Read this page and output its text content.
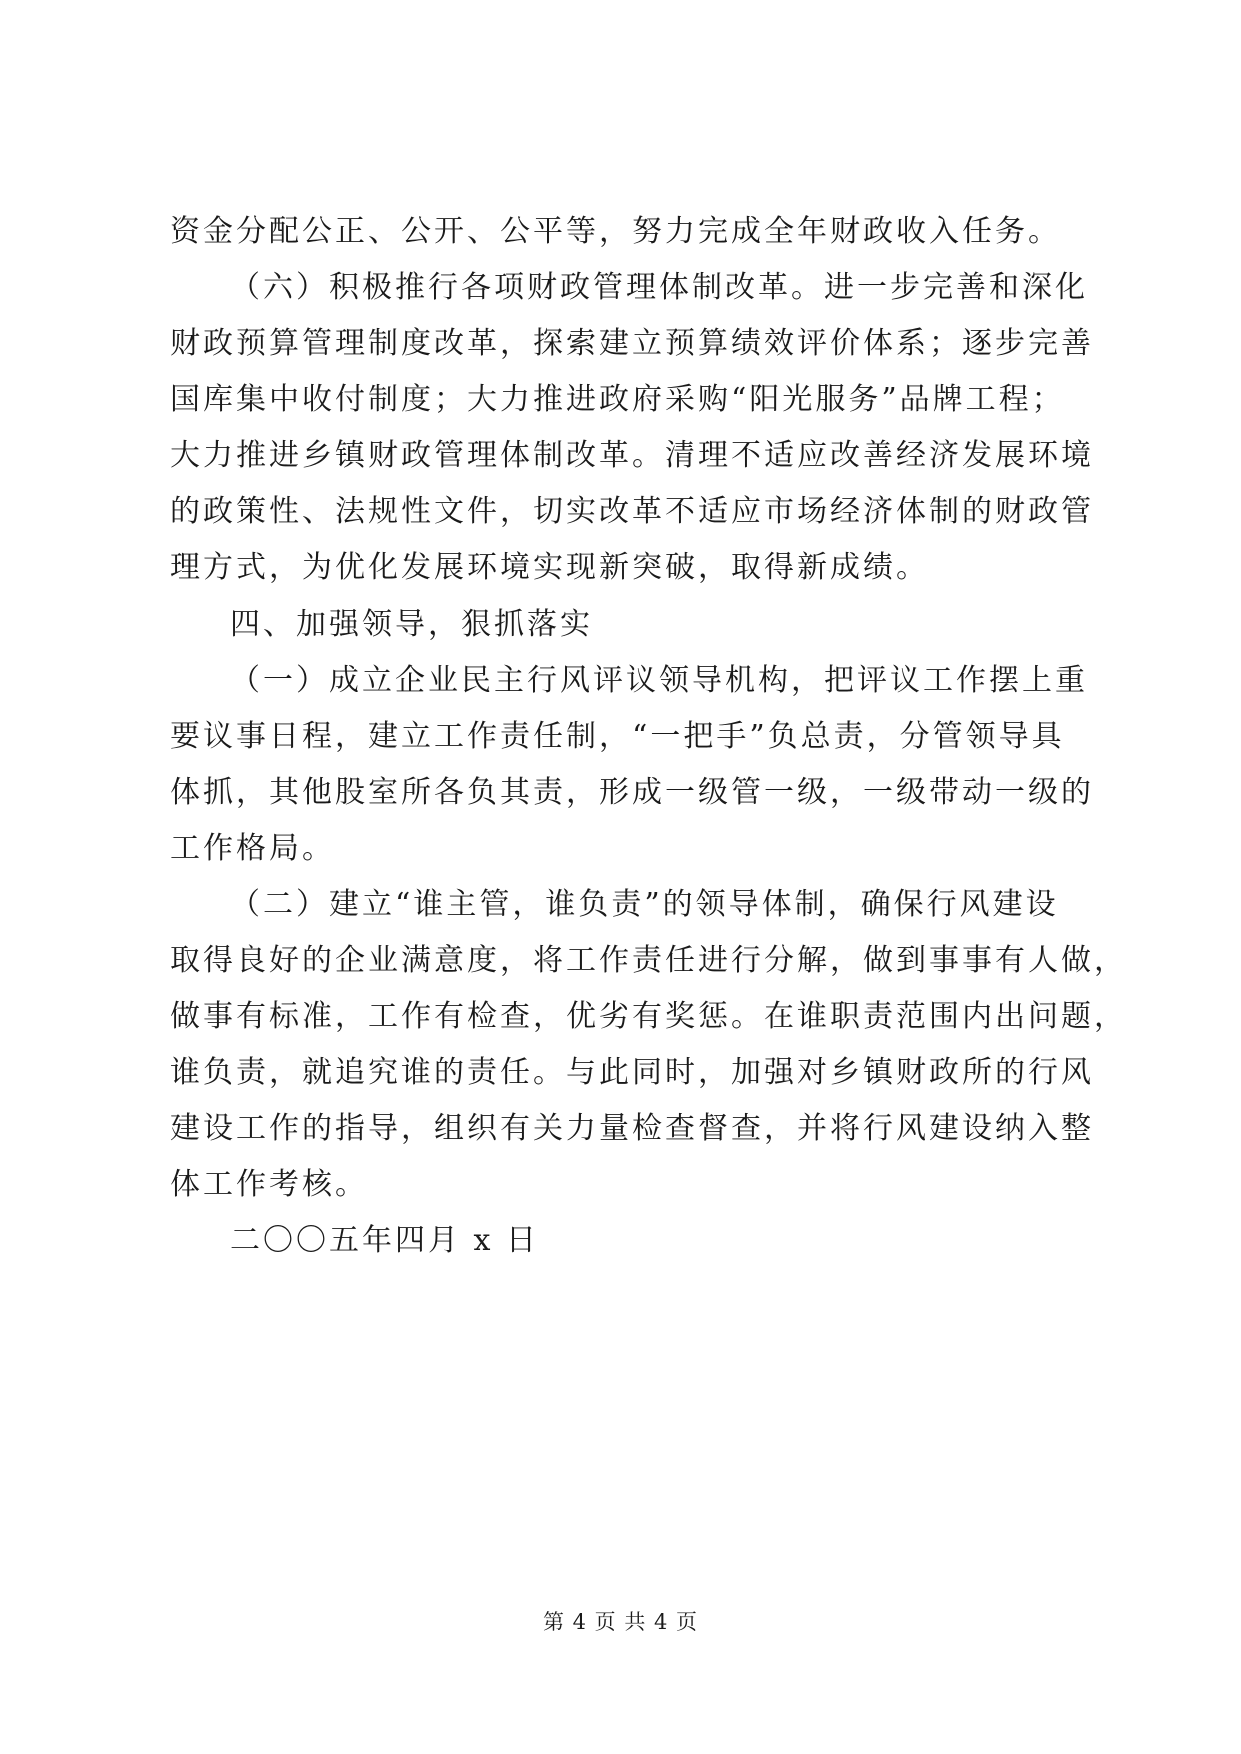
资金分配公正、公开、公平等，努力完成全年财政收入任务。
（六）积极推行各项财政管理体制改革。进一步完善和深化
财政预算管理制度改革，探索建立预算绩效评价体系；逐步完善
国库集中收付制度；大力推进政府采购“阳光服务”品牌工程；
大力推进乡镇财政管理体制改革。清理不适应改善经济发展环境
的政策性、法规性文件，切实改革不适应市场经济体制的财政管
理方式，为优化发展环境实现新突破，取得新成绩。
四、加强领导，狠抓落实
（一）成立企业民主行风评议领导机构，把评议工作摆上重
要议事日程，建立工作责任制，“一把手”负总责，分管领导具
体抓，其他股室所各负其责，形成一级管一级，一级带动一级的
工作格局。
（二）建立“谁主管，谁负责”的领导体制，确保行风建设
取得良好的企业满意度，将工作责任进行分解，做到事事有人做，
做事有标准，工作有检查，优劣有奖惩。在谁职责范围内出问题，
谁负责，就追究谁的责任。与此同时，加强对乡镇财政所的行风
建设工作的指导，组织有关力量检查督查，并将行风建设纳入整
体工作考核。
二〇〇五年四月 x 日
第 4 页 共 4 页
